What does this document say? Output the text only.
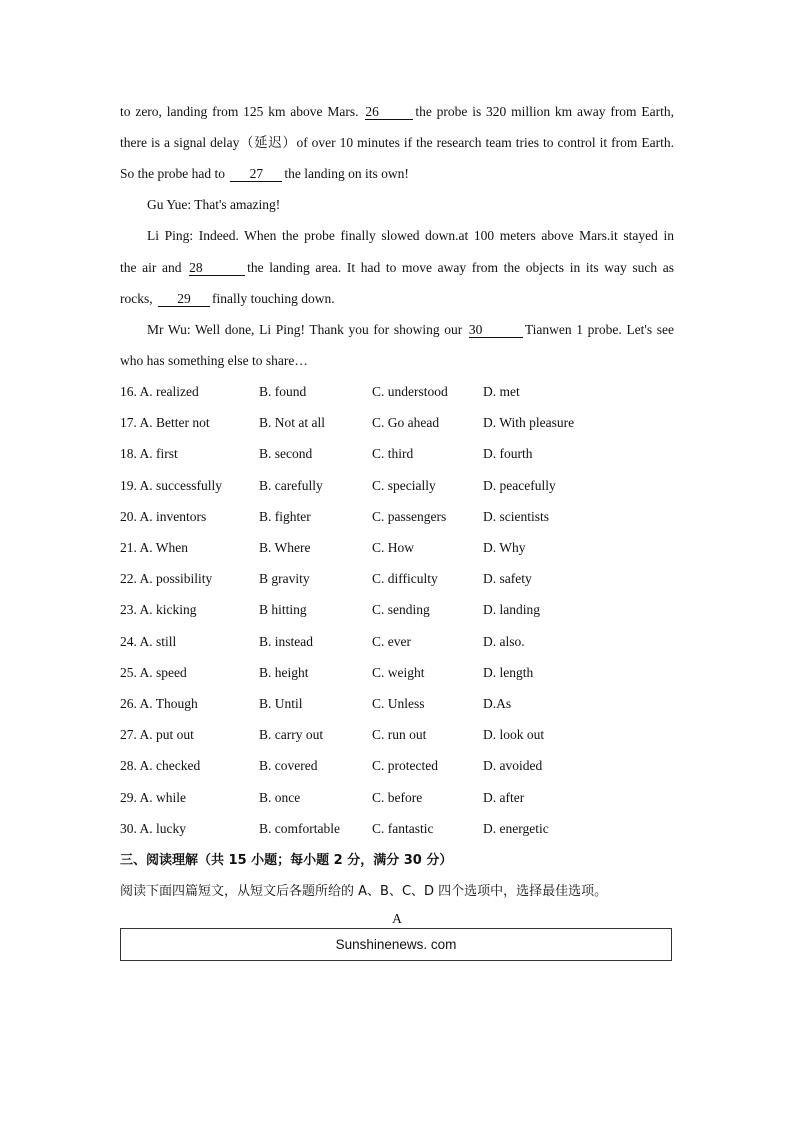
to zero, landing from 125 km above Mars. 26	the probe is 320 million km away from Earth,
there is a signal delay（延迟）of over 10 minutes if the research team tries to control it from Earth.
So the probe had to 27 the landing on its own!
Gu Yue: That's amazing!
Li Ping: Indeed. When the probe finally slowed down.at 100 meters above Mars.it stayed in
the air and 28	the landing area. It had to move away from the objects in its way such as
rocks, 29 finally touching down.
Mr Wu: Well done, Li Ping! Thank you for showing our 30	Tianwen 1 probe. Let's see
who has something else to share…
16. A. realized	B. found	C. understood	D. met
17. A. Better not	B. Not at all	C. Go ahead	D. With pleasure
18. A. first	B. second	C. third	D. fourth
19. A. successfully	B. carefully	C. specially	D. peacefully
20. A. inventors	B. fighter	C. passengers	D. scientists
21. A. When	B. Where	C. How	D. Why
22. A. possibility	B gravity	C. difficulty	D. safety
23. A. kicking	B hitting	C. sending	D. landing
24. A. still	B. instead	C. ever	D. also.
25. A. speed	B. height	C. weight	D. length
26. A. Though	B. Until	C. Unless	D.As
27. A. put out	B. carry out	C. run out	D. look out
28. A. checked	B. covered	C. protected	D. avoided
29. A. while	B. once	C. before	D. after
30. A. lucky	B. comfortable C. fantastic	D. energetic
三、阅读理解（共 15 小题；每小题 2 分，满分 30 分）
阅读下面四篇短文，从短文后各题所给的 A、B、C、D 四个选项中，选择最佳选项。
A
Sunshinenews. com
